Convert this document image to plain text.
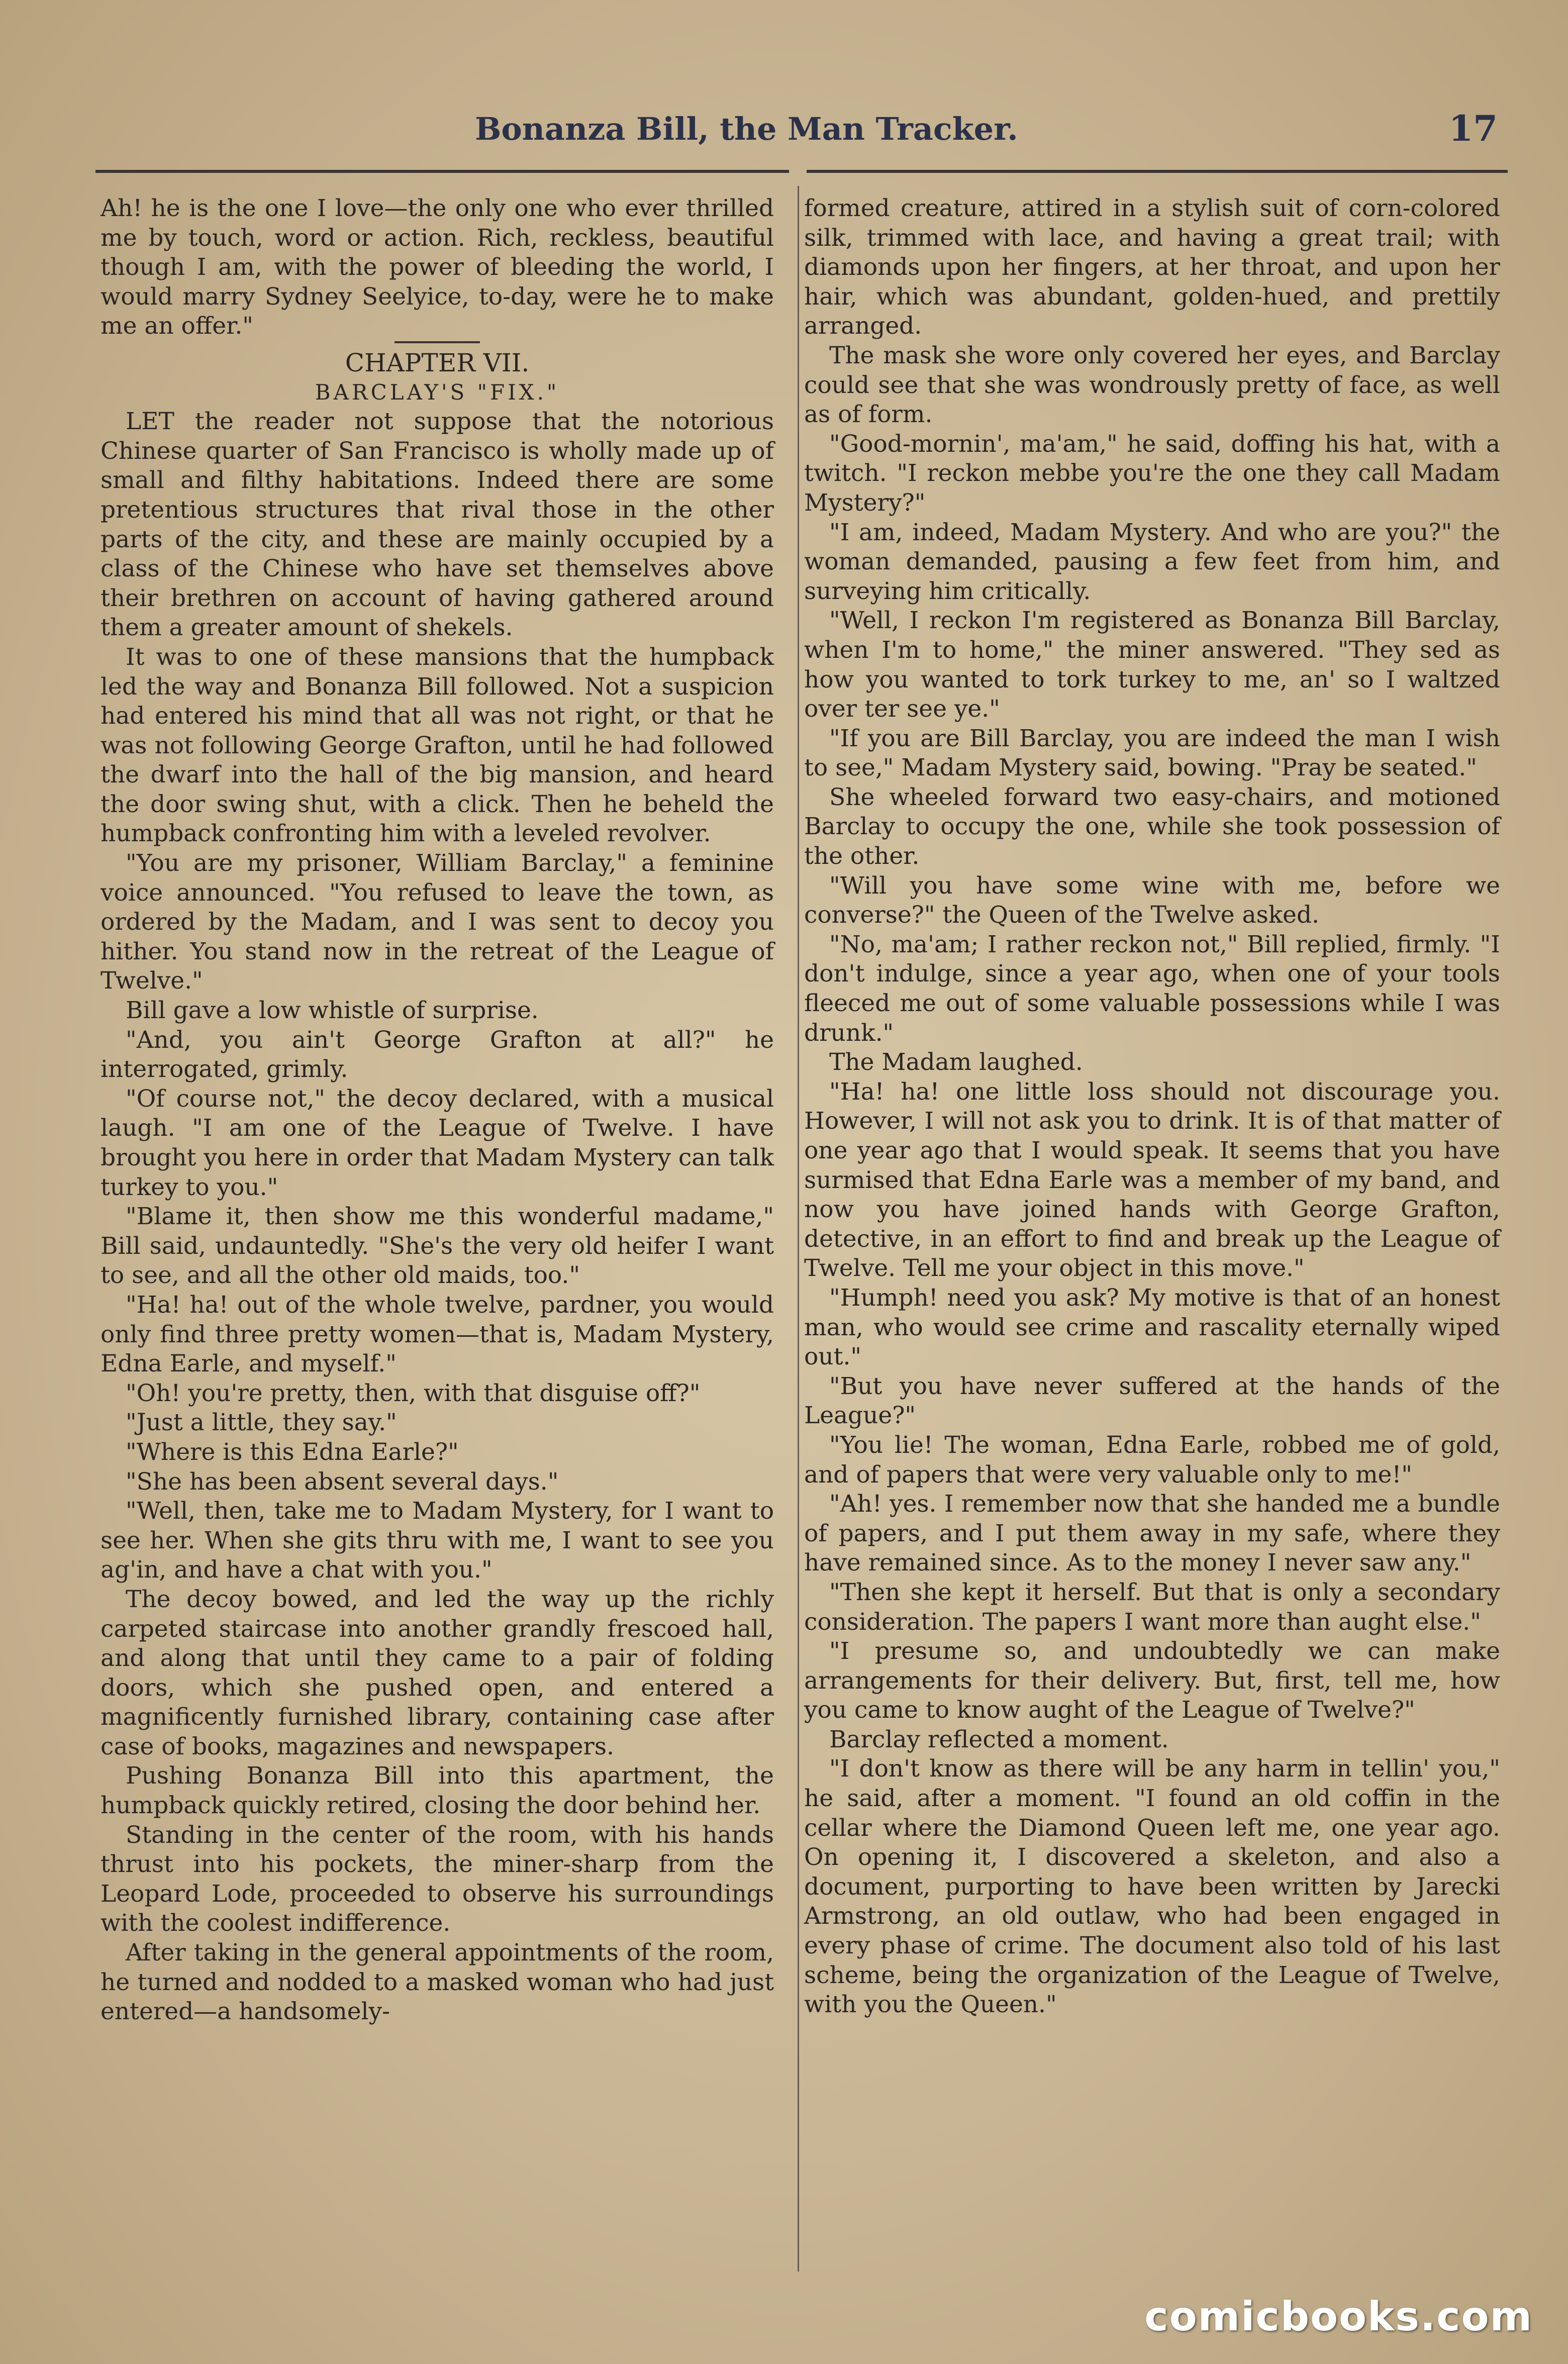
Bonanza Bill, the Man Tracker.	17

Ah! he is the one I love—the only one who ever thrilled me by touch, word or action. Rich, reckless, beautiful though I am, with the power of bleeding the world, I would marry Sydney Seelyice, to-day, were he to make me an offer."

CHAPTER VII.

BARCLAY'S "FIX."

LET the reader not suppose that the notorious Chinese quarter of San Francisco is wholly made up of small and filthy habitations. Indeed there are some pretentious structures that rival those in the other parts of the city, and these are mainly occupied by a class of the Chinese who have set themselves above their brethren on account of having gathered around them a greater amount of shekels.

It was to one of these mansions that the humpback led the way and Bonanza Bill followed. Not a suspicion had entered his mind that all was not right, or that he was not following George Grafton, until he had followed the dwarf into the hall of the big mansion, and heard the door swing shut, with a click. Then he beheld the humpback confronting him with a leveled revolver.

"You are my prisoner, William Barclay," a feminine voice announced. "You refused to leave the town, as ordered by the Madam, and I was sent to decoy you hither. You stand now in the retreat of the League of Twelve."

Bill gave a low whistle of surprise.

"And, you ain't George Grafton at all?" he interrogated, grimly.

"Of course not," the decoy declared, with a musical laugh. "I am one of the League of Twelve. I have brought you here in order that Madam Mystery can talk turkey to you."

"Blame it, then show me this wonderful madame," Bill said, undauntedly. "She's the very old heifer I want to see, and all the other old maids, too."

"Ha! ha! out of the whole twelve, pardner, you would only find three pretty women—that is, Madam Mystery, Edna Earle, and myself."

"Oh! you're pretty, then, with that disguise off?"

"Just a little, they say."

"Where is this Edna Earle?"

"She has been absent several days."

"Well, then, take me to Madam Mystery, for I want to see her. When she gits thru with me, I want to see you ag'in, and have a chat with you."

The decoy bowed, and led the way up the richly carpeted staircase into another grandly frescoed hall, and along that until they came to a pair of folding doors, which she pushed open, and entered a magnificently furnished library, containing case after case of books, magazines and newspapers.

Pushing Bonanza Bill into this apartment, the humpback quickly retired, closing the door behind her.

Standing in the center of the room, with his hands thrust into his pockets, the miner-sharp from the Leopard Lode, proceeded to observe his surroundings with the coolest indifference.

After taking in the general appointments of the room, he turned and nodded to a masked woman who had just entered—a handsomely-

formed creature, attired in a stylish suit of corn-colored silk, trimmed with lace, and having a great trail; with diamonds upon her fingers, at her throat, and upon her hair, which was abundant, golden-hued, and prettily arranged.

The mask she wore only covered her eyes, and Barclay could see that she was wondrously pretty of face, as well as of form.

"Good-mornin', ma'am," he said, doffing his hat, with a twitch. "I reckon mebbe you're the one they call Madam Mystery?"

"I am, indeed, Madam Mystery. And who are you?" the woman demanded, pausing a few feet from him, and surveying him critically.

"Well, I reckon I'm registered as Bonanza Bill Barclay, when I'm to home," the miner answered. "They sed as how you wanted to tork turkey to me, an' so I waltzed over ter see ye."

"If you are Bill Barclay, you are indeed the man I wish to see," Madam Mystery said, bowing. "Pray be seated."

She wheeled forward two easy-chairs, and motioned Barclay to occupy the one, while she took possession of the other.

"Will you have some wine with me, before we converse?" the Queen of the Twelve asked.

"No, ma'am; I rather reckon not," Bill replied, firmly. "I don't indulge, since a year ago, when one of your tools fleeced me out of some valuable possessions while I was drunk."

The Madam laughed.

"Ha! ha! one little loss should not discourage you. However, I will not ask you to drink. It is of that matter of one year ago that I would speak. It seems that you have surmised that Edna Earle was a member of my band, and now you have joined hands with George Grafton, detective, in an effort to find and break up the League of Twelve. Tell me your object in this move."

"Humph! need you ask? My motive is that of an honest man, who would see crime and rascality eternally wiped out."

"But you have never suffered at the hands of the League?"

"You lie! The woman, Edna Earle, robbed me of gold, and of papers that were very valuable only to me!"

"Ah! yes. I remember now that she handed me a bundle of papers, and I put them away in my safe, where they have remained since. As to the money I never saw any."

"Then she kept it herself. But that is only a secondary consideration. The papers I want more than aught else."

"I presume so, and undoubtedly we can make arrangements for their delivery. But, first, tell me, how you came to know aught of the League of Twelve?"

Barclay reflected a moment.

"I don't know as there will be any harm in tellin' you," he said, after a moment. "I found an old coffin in the cellar where the Diamond Queen left me, one year ago. On opening it, I discovered a skeleton, and also a document, purporting to have been written by Jarecki Armstrong, an old outlaw, who had been engaged in every phase of crime. The document also told of his last scheme, being the organization of the League of Twelve, with you the Queen."

comicbooks.com
